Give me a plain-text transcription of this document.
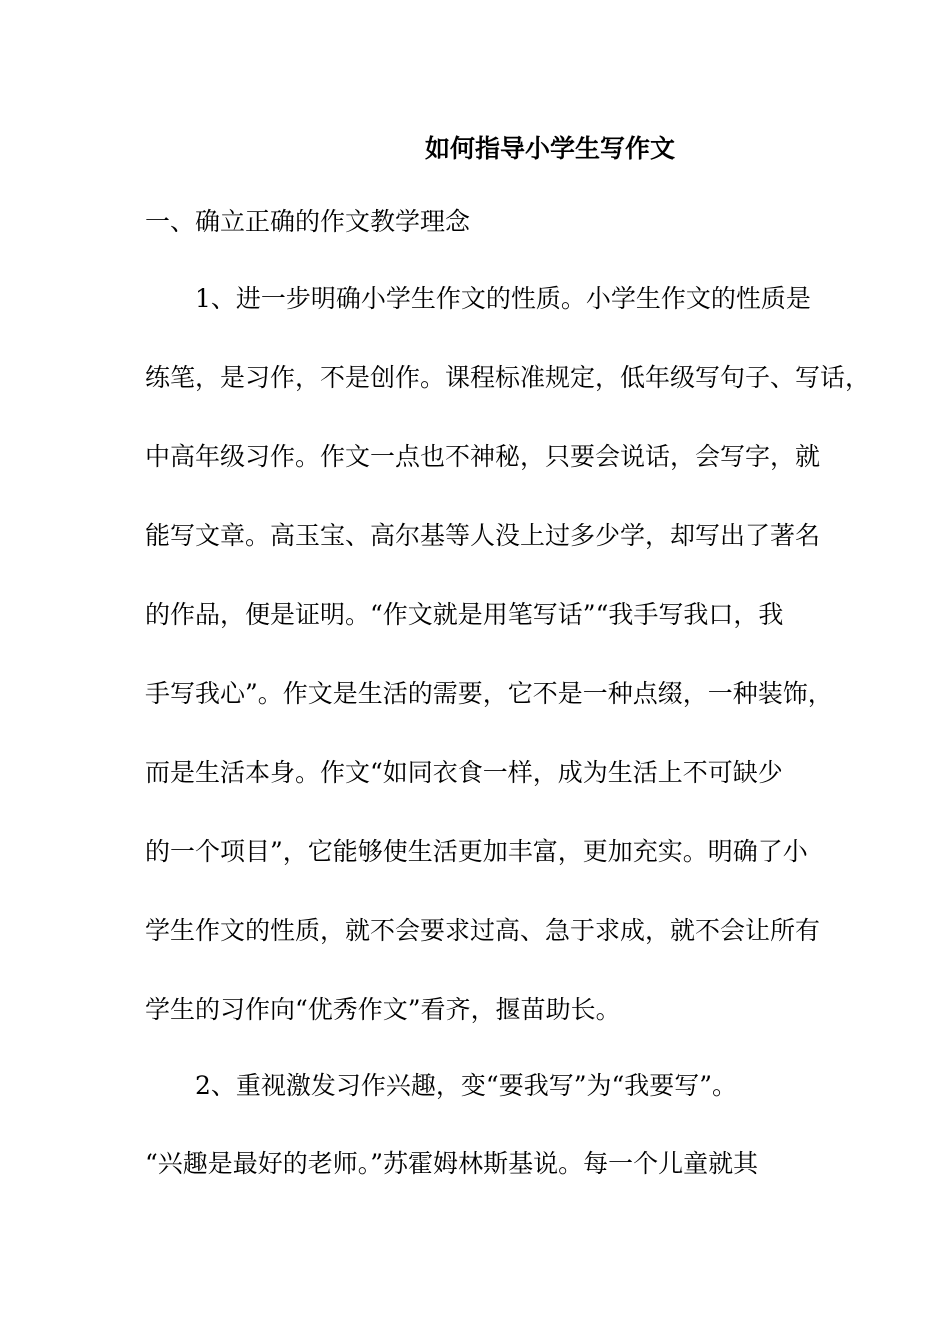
如何指导小学生写作文
一、确立正确的作文教学理念
1、进一步明确小学生作文的性质。小学生作文的性质是
练笔，是习作，不是创作。课程标准规定，低年级写句子、写话，
中高年级习作。作文一点也不神秘，只要会说话，会写字，就
能写文章。高玉宝、高尔基等人没上过多少学，却写出了著名
的作品，便是证明。“作文就是用笔写话”“我手写我口，我
手写我心”。作文是生活的需要，它不是一种点缀，一种装饰，
而是生活本身。作文“如同衣食一样，成为生活上不可缺少
的一个项目”，它能够使生活更加丰富，更加充实。明确了小
学生作文的性质，就不会要求过高、急于求成，就不会让所有
学生的习作向“优秀作文”看齐，揠苗助长。
2、重视激发习作兴趣，变“要我写”为“我要写”。
“兴趣是最好的老师。”苏霍姆林斯基说。每一个儿童就其
